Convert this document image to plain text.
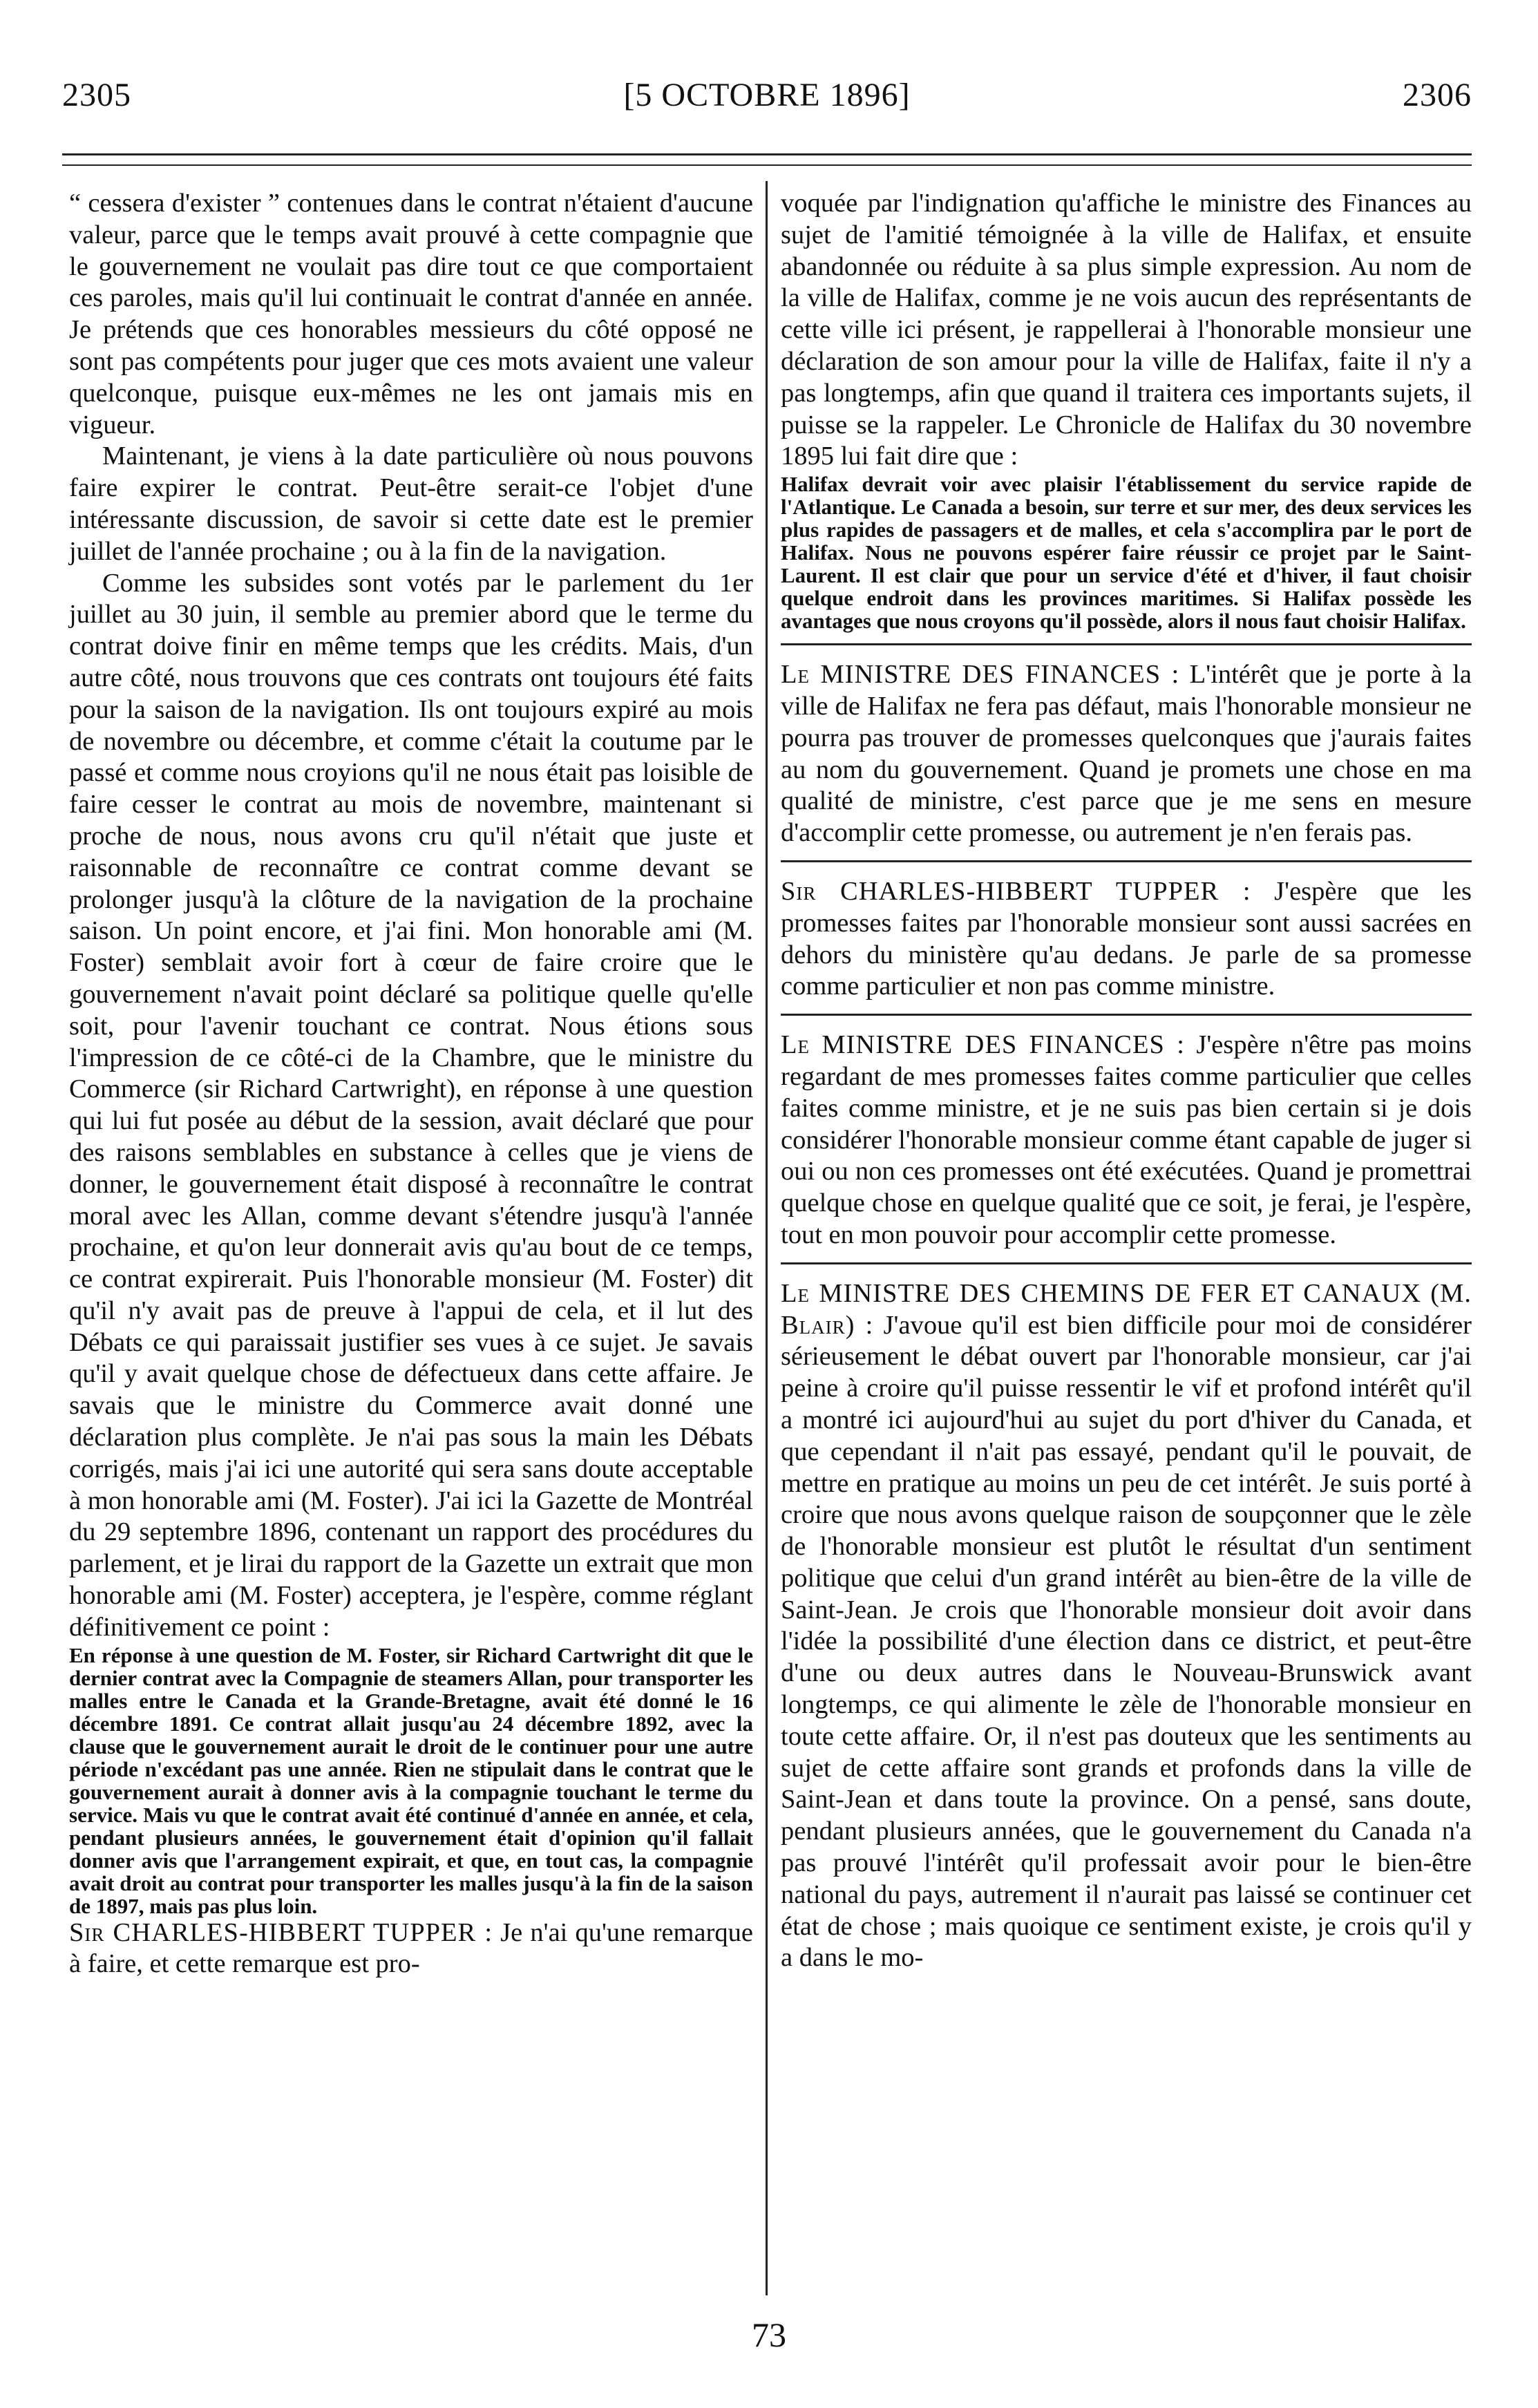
2305	[5 OCTOBRE 1896]	2306

“ cessera d'exister ” contenues dans le contrat n'étaient d'aucune valeur, parce que le temps avait prouvé à cette compagnie que le gouvernement ne voulait pas dire tout ce que comportaient ces paroles, mais qu'il lui continuait le contrat d'année en année. Je prétends que ces honorables messieurs du côté opposé ne sont pas compétents pour juger que ces mots avaient une valeur quelconque, puisque eux-mêmes ne les ont jamais mis en vigueur.

Maintenant, je viens à la date particulière où nous pouvons faire expirer le contrat. Peut-être serait-ce l'objet d'une intéressante discussion, de savoir si cette date est le premier juillet de l'année prochaine ; ou à la fin de la navigation.

Comme les subsides sont votés par le parlement du 1er juillet au 30 juin, il semble au premier abord que le terme du contrat doive finir en même temps que les crédits. Mais, d'un autre côté, nous trouvons que ces contrats ont toujours été faits pour la saison de la navigation. Ils ont toujours expiré au mois de novembre ou décembre, et comme c'était la coutume par le passé et comme nous croyions qu'il ne nous était pas loisible de faire cesser le contrat au mois de novembre, maintenant si proche de nous, nous avons cru qu'il n'était que juste et raisonnable de reconnaître ce contrat comme devant se prolonger jusqu'à la clôture de la navigation de la prochaine saison. Un point encore, et j'ai fini. Mon honorable ami (M. Foster) semblait avoir fort à cœur de faire croire que le gouvernement n'avait point déclaré sa politique quelle qu'elle soit, pour l'avenir touchant ce contrat. Nous étions sous l'impression de ce côté-ci de la Chambre, que le ministre du Commerce (sir Richard Cartwright), en réponse à une question qui lui fut posée au début de la session, avait déclaré que pour des raisons semblables en substance à celles que je viens de donner, le gouvernement était disposé à reconnaître le contrat moral avec les Allan, comme devant s'étendre jusqu'à l'année prochaine, et qu'on leur donnerait avis qu'au bout de ce temps, ce contrat expirerait. Puis l'honorable monsieur (M. Foster) dit qu'il n'y avait pas de preuve à l'appui de cela, et il lut des Débats ce qui paraissait justifier ses vues à ce sujet. Je savais qu'il y avait quelque chose de défectueux dans cette affaire. Je savais que le ministre du Commerce avait donné une déclaration plus complète. Je n'ai pas sous la main les Débats corrigés, mais j'ai ici une autorité qui sera sans doute acceptable à mon honorable ami (M. Foster). J'ai ici la Gazette de Montréal du 29 septembre 1896, contenant un rapport des procédures du parlement, et je lirai du rapport de la Gazette un extrait que mon honorable ami (M. Foster) acceptera, je l'espère, comme réglant définitivement ce point :

En réponse à une question de M. Foster, sir Richard Cartwright dit que le dernier contrat avec la Compagnie de steamers Allan, pour transporter les malles entre le Canada et la Grande-Bretagne, avait été donné le 16 décembre 1891. Ce contrat allait jusqu'au 24 décembre 1892, avec la clause que le gouvernement aurait le droit de le continuer pour une autre période n'excédant pas une année. Rien ne stipulait dans le contrat que le gouvernement aurait à donner avis à la compagnie touchant le terme du service. Mais vu que le contrat avait été continué d'année en année, et cela, pendant plusieurs années, le gouvernement était d'opinion qu'il fallait donner avis que l'arrangement expirait, et que, en tout cas, la compagnie avait droit au contrat pour transporter les malles jusqu'à la fin de la saison de 1897, mais pas plus loin.

Sir CHARLES-HIBBERT TUPPER : Je n'ai qu'une remarque à faire, et cette remarque est pro-

voquée par l'indignation qu'affiche le ministre des Finances au sujet de l'amitié témoignée à la ville de Halifax, et ensuite abandonnée ou réduite à sa plus simple expression. Au nom de la ville de Halifax, comme je ne vois aucun des représentants de cette ville ici présent, je rappellerai à l'honorable monsieur une déclaration de son amour pour la ville de Halifax, faite il n'y a pas longtemps, afin que quand il traitera ces importants sujets, il puisse se la rappeler. Le Chronicle de Halifax du 30 novembre 1895 lui fait dire que :

Halifax devrait voir avec plaisir l'établissement du service rapide de l'Atlantique. Le Canada a besoin, sur terre et sur mer, des deux services les plus rapides de passagers et de malles, et cela s'accomplira par le port de Halifax. Nous ne pouvons espérer faire réussir ce projet par le Saint-Laurent. Il est clair que pour un service d'été et d'hiver, il faut choisir quelque endroit dans les provinces maritimes. Si Halifax possède les avantages que nous croyons qu'il possède, alors il nous faut choisir Halifax.

Le MINISTRE DES FINANCES : L'intérêt que je porte à la ville de Halifax ne fera pas défaut, mais l'honorable monsieur ne pourra pas trouver de promesses quelconques que j'aurais faites au nom du gouvernement. Quand je promets une chose en ma qualité de ministre, c'est parce que je me sens en mesure d'accomplir cette promesse, ou autrement je n'en ferais pas.

Sir CHARLES-HIBBERT TUPPER : J'espère que les promesses faites par l'honorable monsieur sont aussi sacrées en dehors du ministère qu'au dedans. Je parle de sa promesse comme particulier et non pas comme ministre.

Le MINISTRE DES FINANCES : J'espère n'être pas moins regardant de mes promesses faites comme particulier que celles faites comme ministre, et je ne suis pas bien certain si je dois considérer l'honorable monsieur comme étant capable de juger si oui ou non ces promesses ont été exécutées. Quand je promettrai quelque chose en quelque qualité que ce soit, je ferai, je l'espère, tout en mon pouvoir pour accomplir cette promesse.

Le MINISTRE DES CHEMINS DE FER ET CANAUX (M. Blair) : J'avoue qu'il est bien difficile pour moi de considérer sérieusement le débat ouvert par l'honorable monsieur, car j'ai peine à croire qu'il puisse ressentir le vif et profond intérêt qu'il a montré ici aujourd'hui au sujet du port d'hiver du Canada, et que cependant il n'ait pas essayé, pendant qu'il le pouvait, de mettre en pratique au moins un peu de cet intérêt. Je suis porté à croire que nous avons quelque raison de soupçonner que le zèle de l'honorable monsieur est plutôt le résultat d'un sentiment politique que celui d'un grand intérêt au bien-être de la ville de Saint-Jean. Je crois que l'honorable monsieur doit avoir dans l'idée la possibilité d'une élection dans ce district, et peut-être d'une ou deux autres dans le Nouveau-Brunswick avant longtemps, ce qui alimente le zèle de l'honorable monsieur en toute cette affaire. Or, il n'est pas douteux que les sentiments au sujet de cette affaire sont grands et profonds dans la ville de Saint-Jean et dans toute la province. On a pensé, sans doute, pendant plusieurs années, que le gouvernement du Canada n'a pas prouvé l'intérêt qu'il professait avoir pour le bien-être national du pays, autrement il n'aurait pas laissé se continuer cet état de chose ; mais quoique ce sentiment existe, je crois qu'il y a dans le mo-

73
